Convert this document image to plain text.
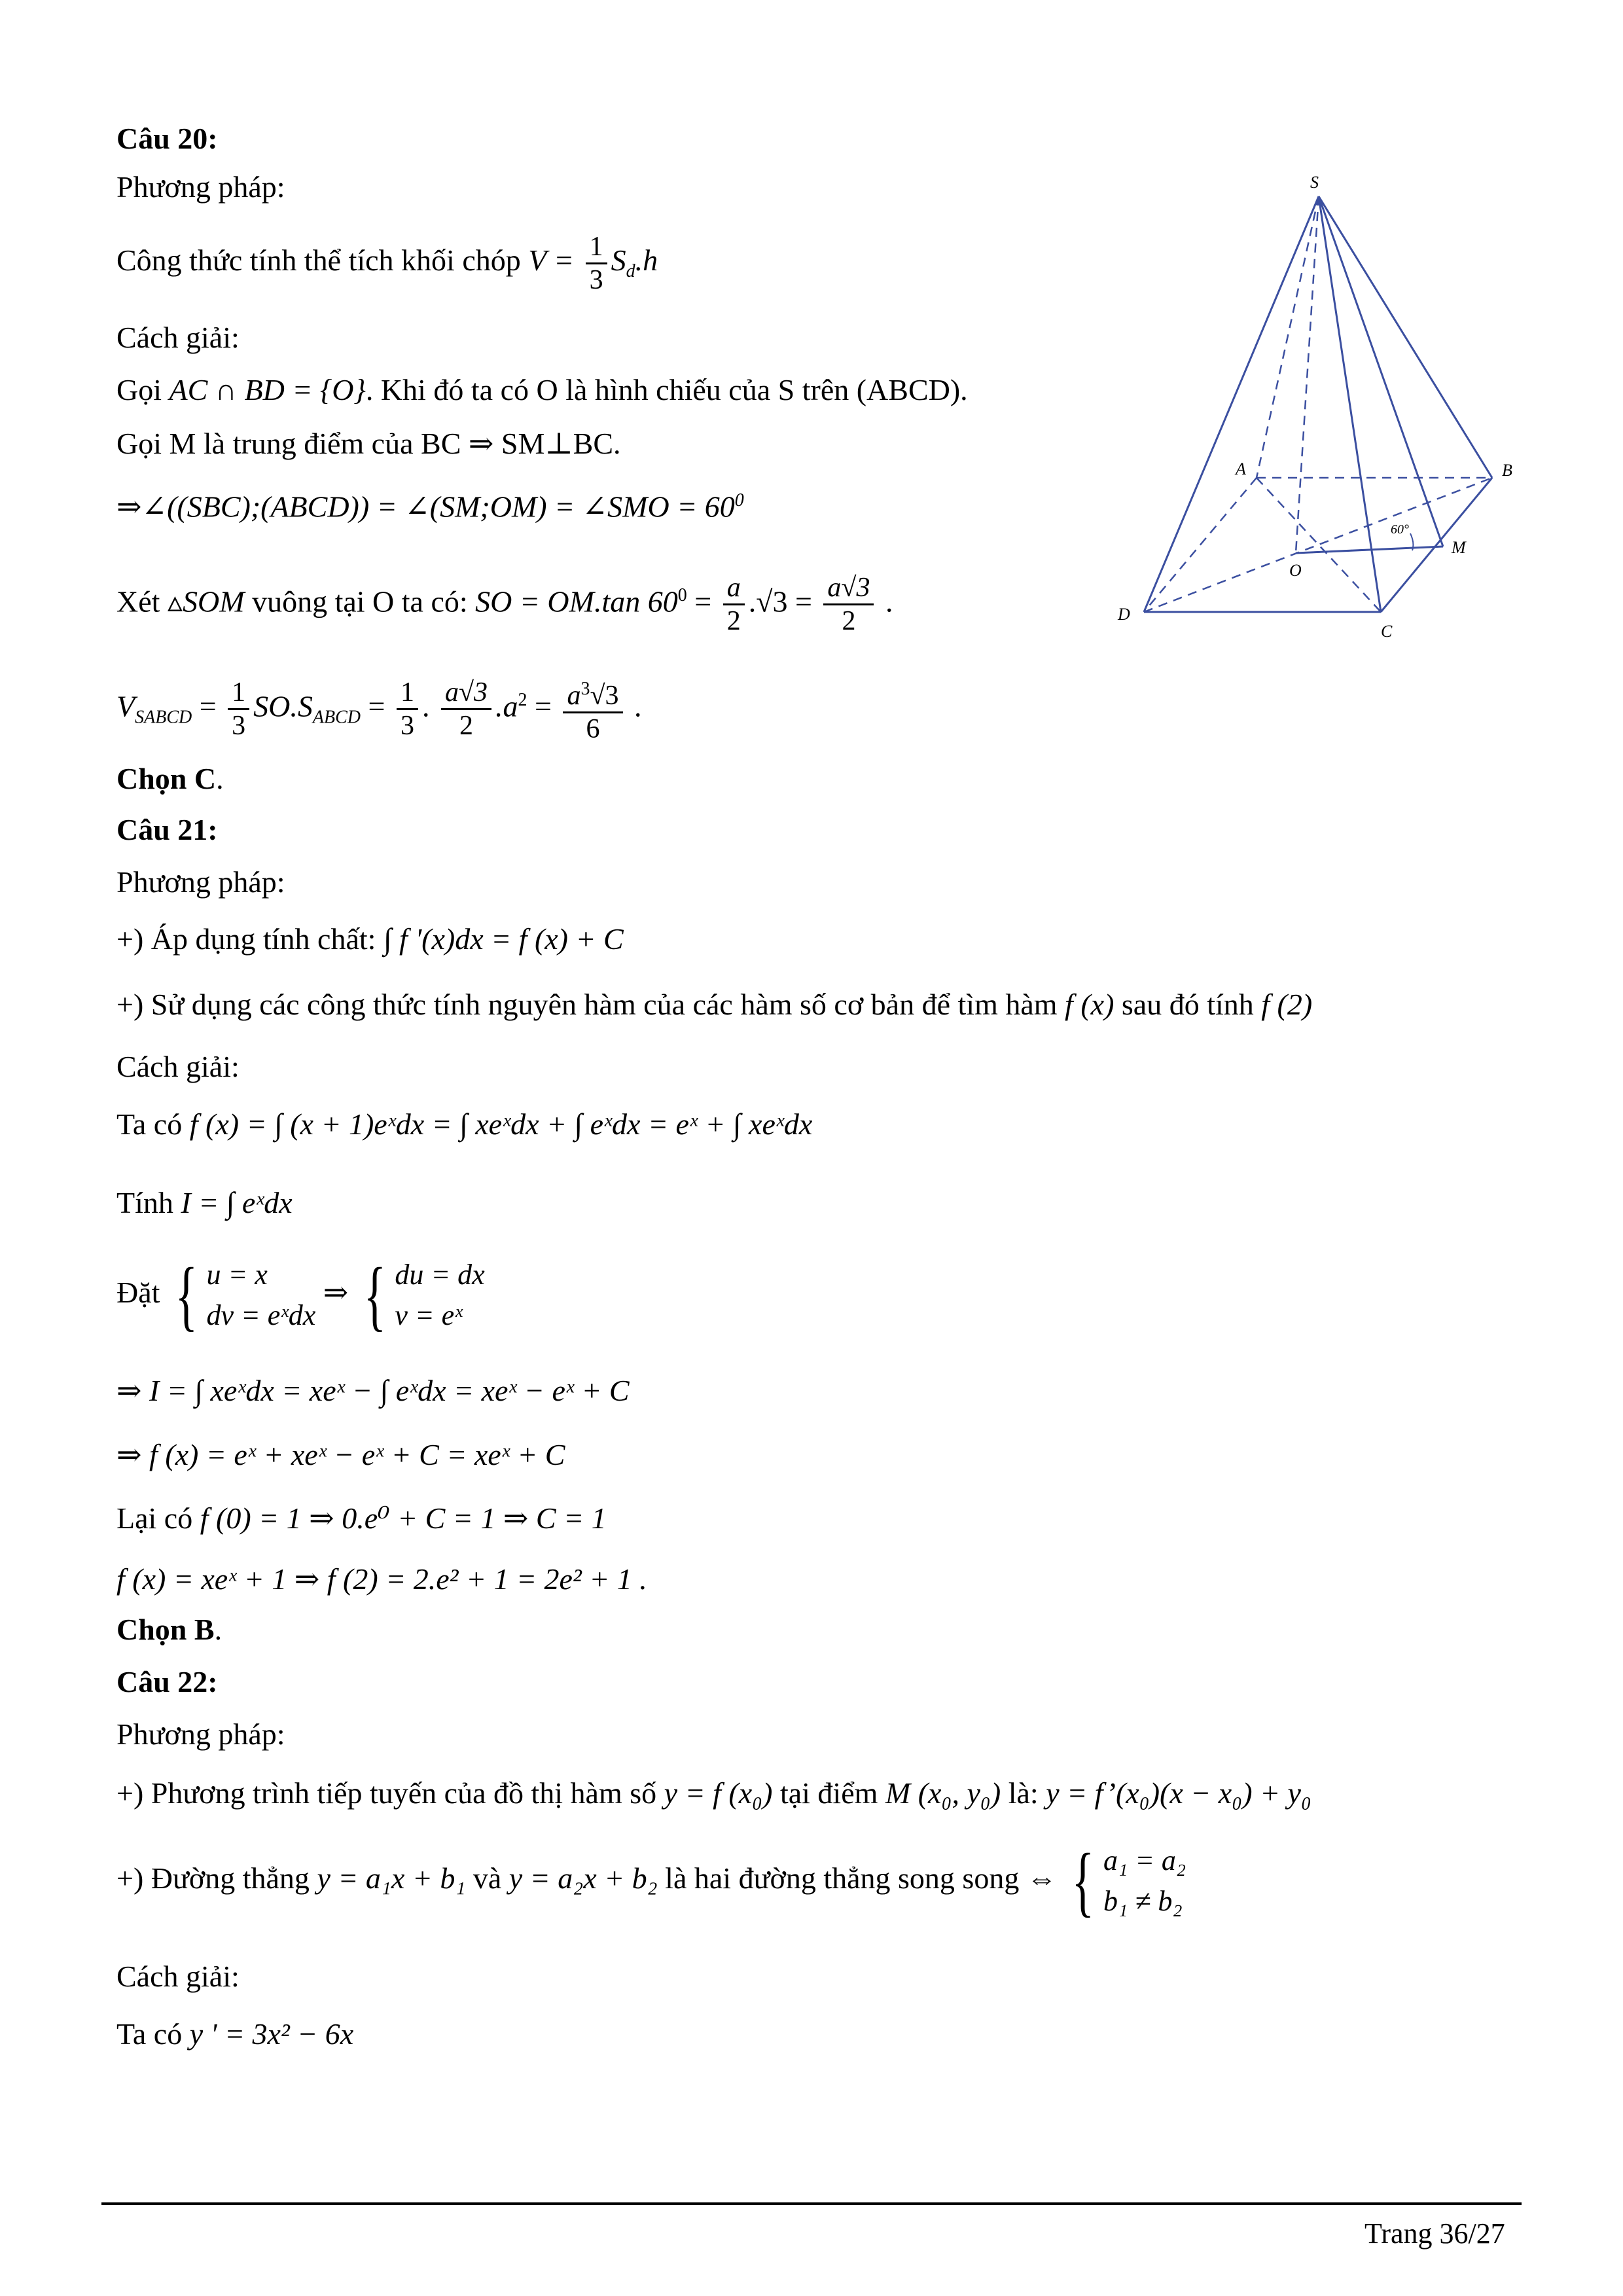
Câu 20:
Phương pháp:
Công thức tính thể tích khối chóp $V = \frac{1}{3} S_d.h$
Cách giải:
Gọi AC ∩ BD = {O}. Khi đó ta có O là hình chiếu của S trên (ABCD).
Gọi M là trung điểm của BC ⇒ SM⊥BC.
⇒∠((SBC);(ABCD)) = ∠(SM;OM) = ∠SMO = $60^0$
Xét ▵SOM vuông tại O ta có: SO = OM.tan $60^0 = \frac{a}{2} .√3 = \frac{a√3}{2}$ .
$V_{SABCD} = \frac{1}{3} SO.S_{ABCD} = \frac{1}{3}$ . $\frac{a√3}{2} .a^2 = \frac{a^3√3}{6}$ .
Chọn C.
S
A	B
C
D
O
M
60°
Câu 21:
Phương pháp:
+) Áp dụng tính chất: ∫ f '(x)dx = f (x) + C
+) Sử dụng các công thức tính nguyên hàm của các hàm số cơ bản để tìm hàm f (x) sau đó tính f (2)
Cách giải:
Ta có f (x) = ∫ (x + 1)eˣdx = ∫ xeˣdx + ∫ eˣdx = eˣ + ∫ xeˣdx
Tính I = ∫ eˣdx
Đặt { u = x
dv = eˣdx
⇒ { du = dx
v = eˣ
⇒ I = ∫ xeˣdx = xeˣ − ∫ eˣdx = xeˣ − eˣ + C
⇒ f (x) = eˣ + xeˣ − eˣ + C = xeˣ + C
Lại có f (0) = 1 ⇒ 0.e⁰ + C = 1 ⇒ C = 1
f (x) = xeˣ + 1 ⇒ f (2) = 2.e² + 1 = 2e² + 1 .
Chọn B.
Câu 22:
Phương pháp:
+) Phương trình tiếp tuyến của đồ thị hàm số y = f (x₀) tại điểm M (x₀, y₀) là: y = f’(x₀)(x − x₀) + y₀
+) Đường thẳng y = a₁x + b₁ và y = a₂x + b₂ là hai đường thẳng song song ⇔ { a₁ = a₂
b₁ ≠ b₂
Cách giải:
Ta có y ' = 3x² − 6x
Trang 36/27
